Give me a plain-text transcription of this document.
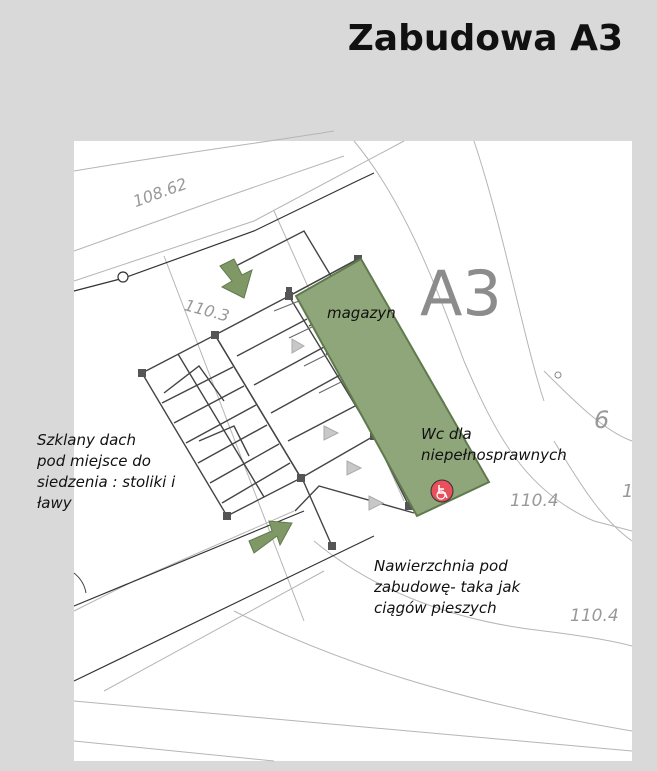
Zabudowa A3
108.62
110.3
110.4
110.4
6
1
A3
magazyn
Wc dla
niepełnosprawnych
Nawierzchnia pod
zabudowę- taka jak
ciągów pieszych
Szklany dach
pod miejsce do
siedzenia : stoliki i
ławy
